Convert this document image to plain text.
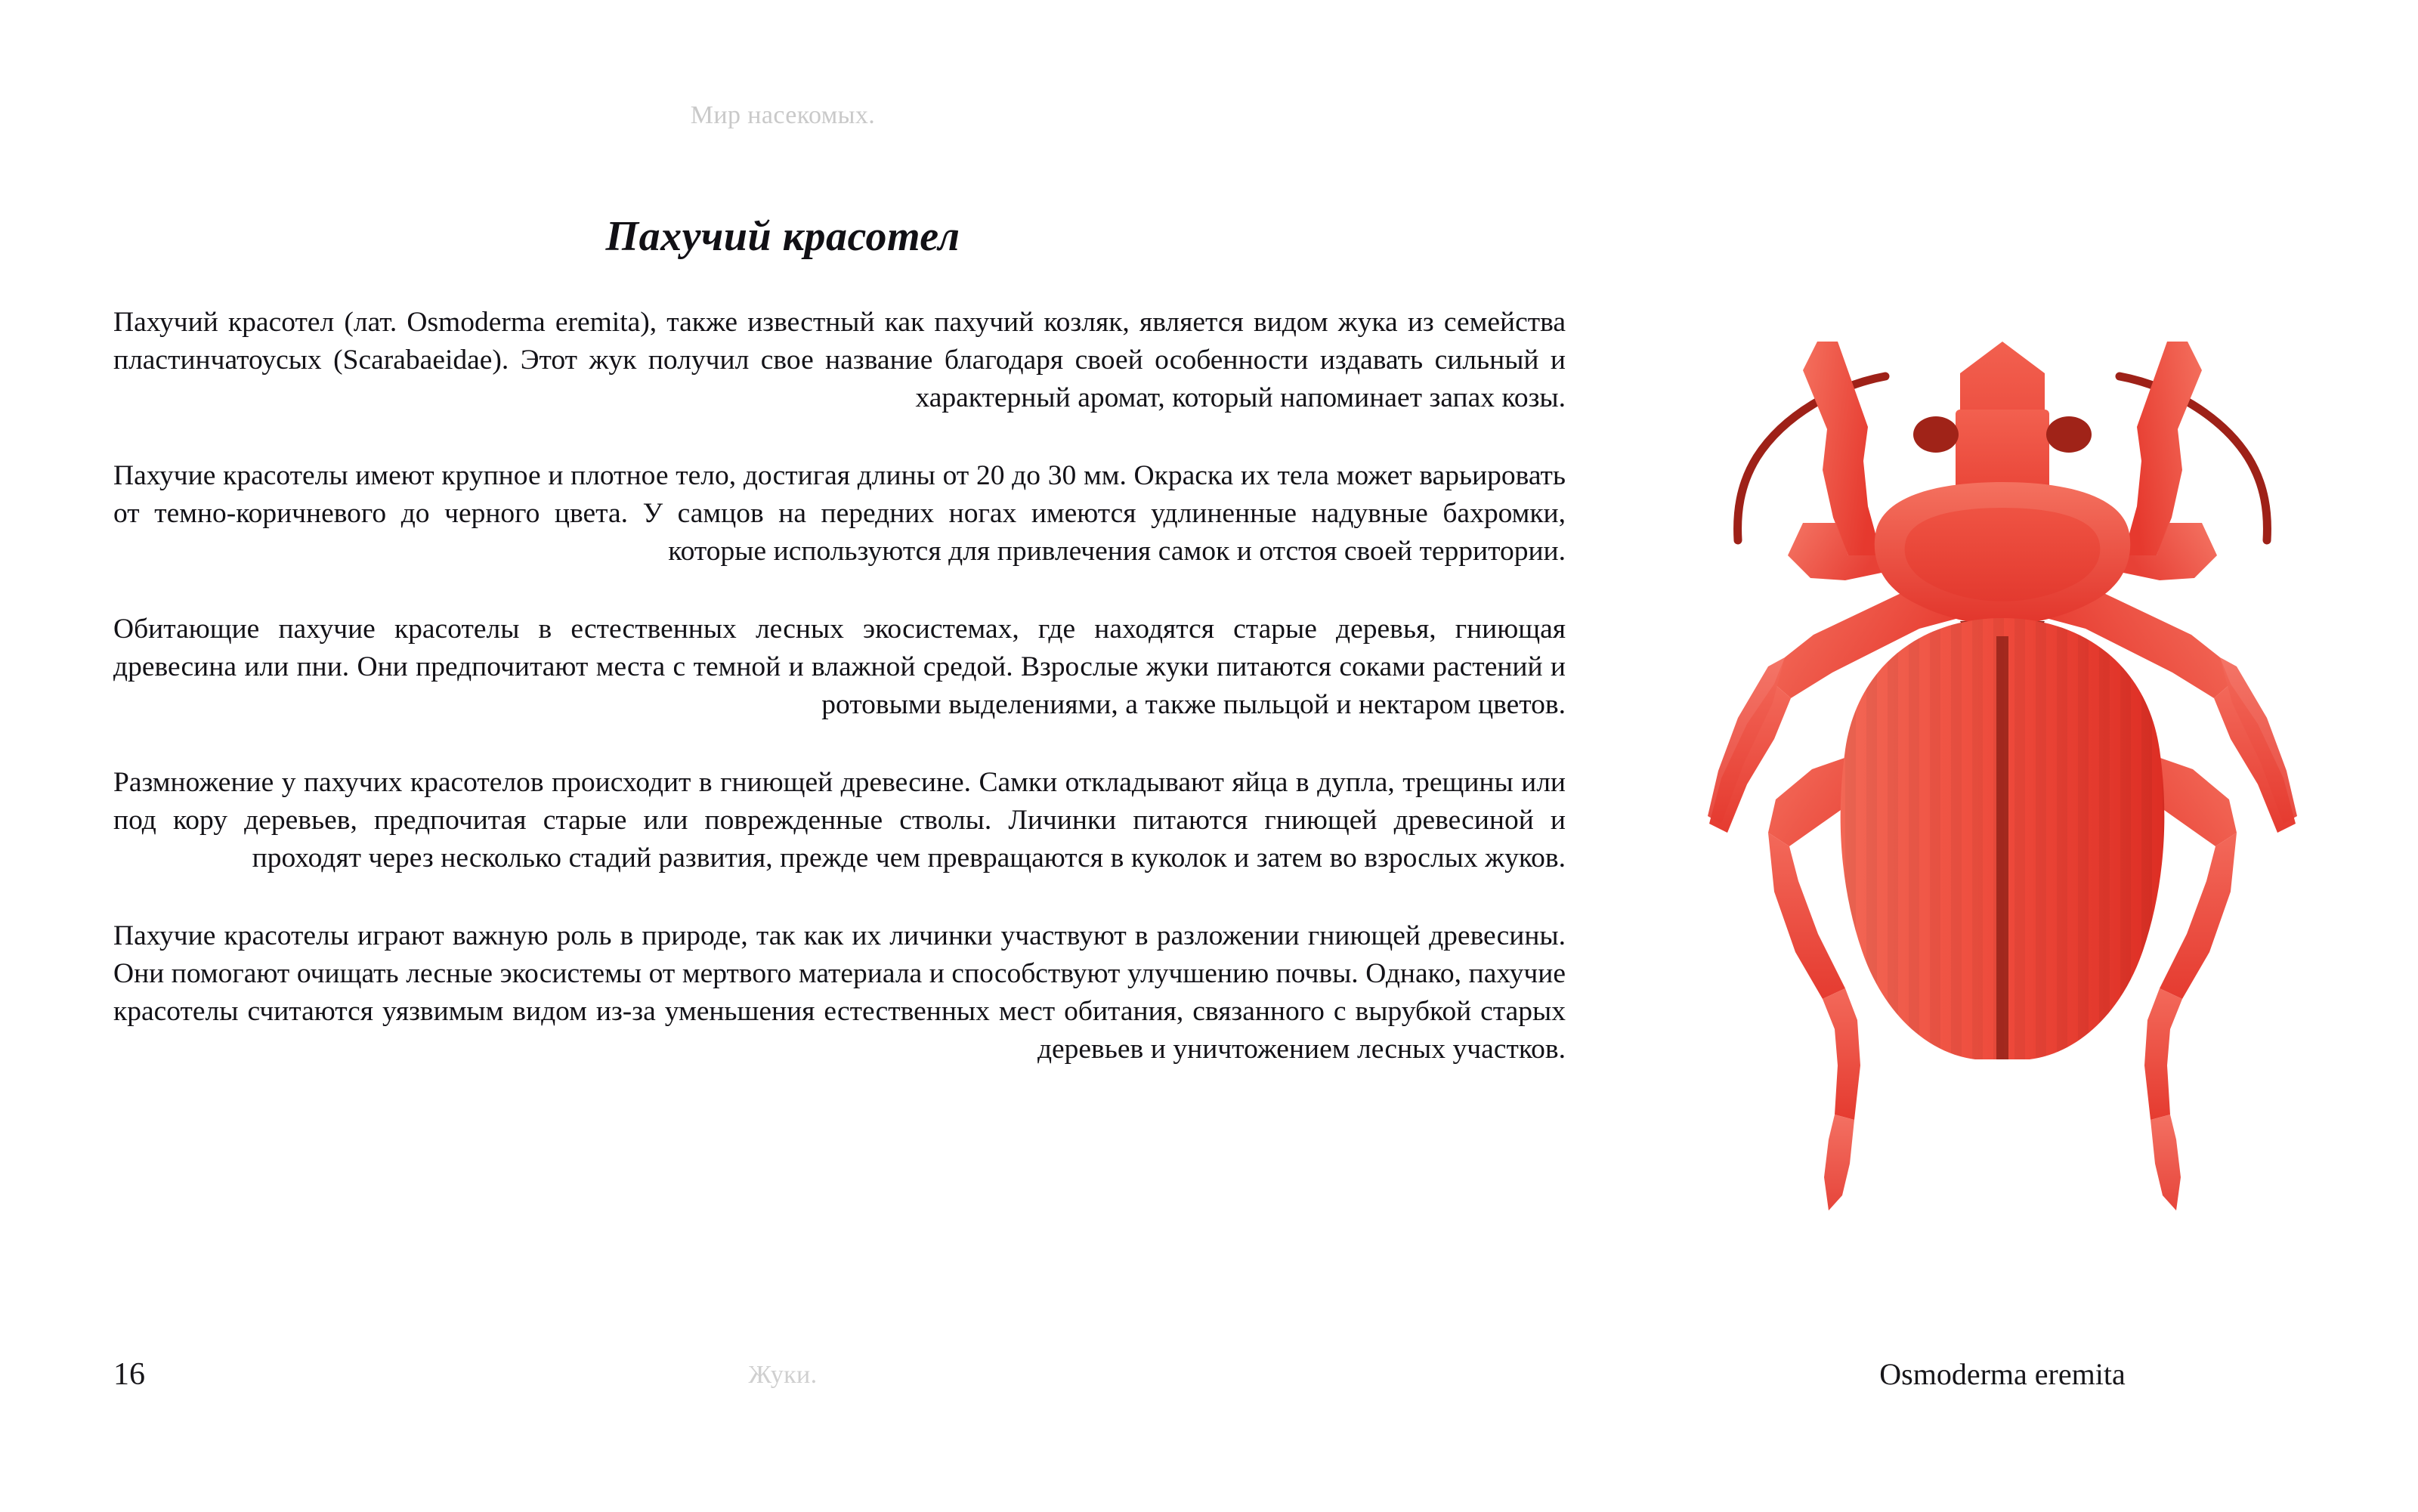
Мир насекомых.
Пахучий красотел

Пахучий красотел (лат. Osmoderma eremita), также известный как пахучий козляк, является видом жука из семейства пластинчатоусых (Scarabaeidae). Этот жук получил свое название благодаря своей особенности издавать сильный и характерный аромат, который напоминает запах козы.

Пахучие красотелы имеют крупное и плотное тело, достигая длины от 20 до 30 мм. Окраска их тела может варьировать от темно-коричневого до черного цвета. У самцов на передних ногах имеются удлиненные надувные бахромки, которые используются для привлечения самок и отстоя своей территории.

Обитающие пахучие красотелы в естественных лесных экосистемах, где находятся старые деревья, гниющая древесина или пни. Они предпочитают места с темной и влажной средой. Взрослые жуки питаются соками растений и ротовыми выделениями, а также пыльцой и нектаром цветов.

Размножение у пахучих красотелов происходит в гниющей древесине. Самки откладывают яйца в дупла, трещины или под кору деревьев, предпочитая старые или поврежденные стволы. Личинки питаются гниющей древесиной и проходят через несколько стадий развития, прежде чем превращаются в куколок и затем во взрослых жуков.

Пахучие красотелы играют важную роль в природе, так как их личинки участвуют в разложении гниющей древесины. Они помогают очищать лесные экосистемы от мертвого материала и способствуют улучшению почвы. Однако, пахучие красотелы считаются уязвимым видом из-за уменьшения естественных мест обитания, связанного с вырубкой старых деревьев и уничтожением лесных участков.

16	Жуки.	Osmoderma eremita
